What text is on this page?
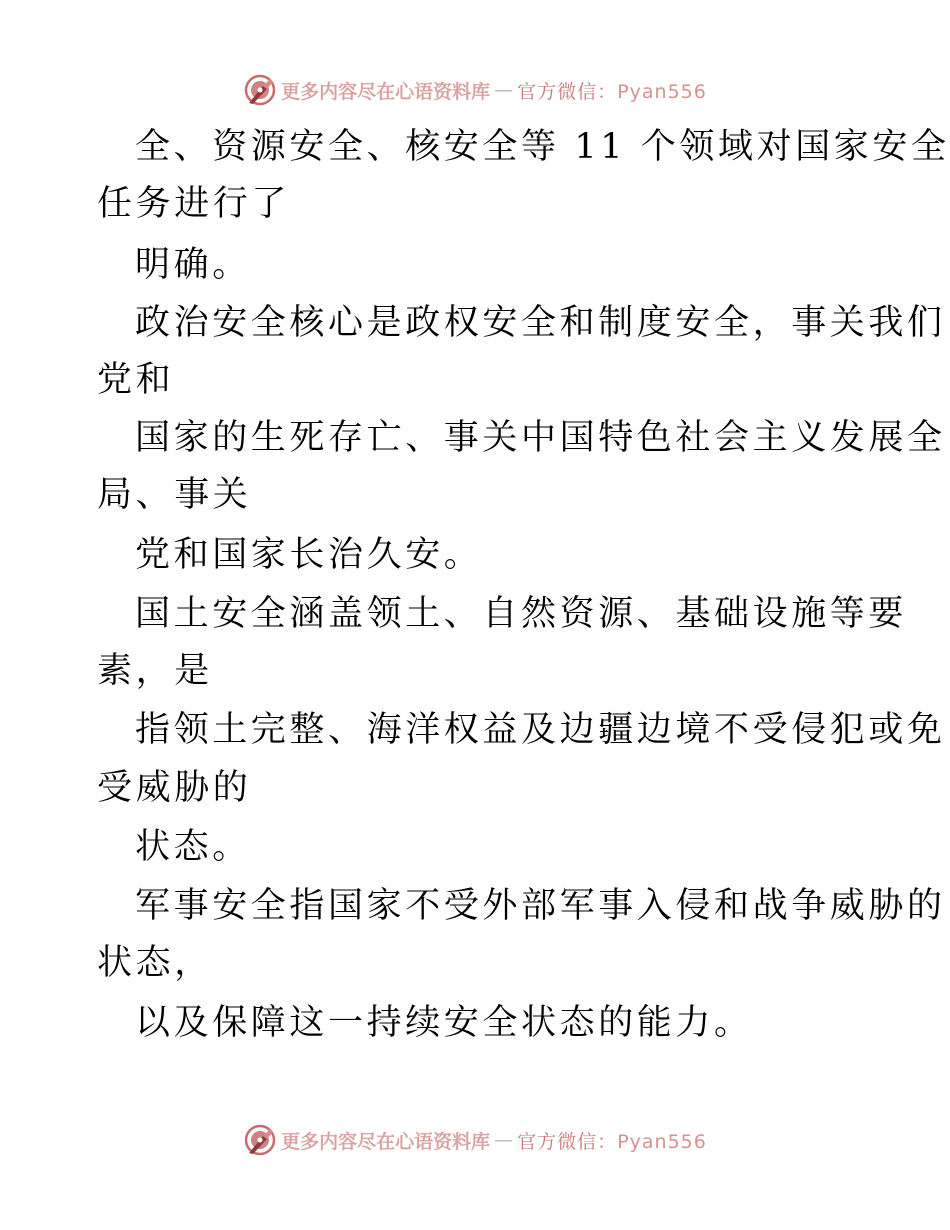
更多内容尽在心语资料库 — 官方微信：Pyan556
全、资源安全、核安全等 11 个领域对国家安全
任务进行了
明确。
政治安全核心是政权安全和制度安全，事关我们
党和
国家的生死存亡、事关中国特色社会主义发展全
局、事关
党和国家长治久安。
国土安全涵盖领土、自然资源、基础设施等要
素，是
指领土完整、海洋权益及边疆边境不受侵犯或免
受威胁的
状态。
军事安全指国家不受外部军事入侵和战争威胁的
状态，
以及保障这一持续安全状态的能力。
更多内容尽在心语资料库 — 官方微信：Pyan556
